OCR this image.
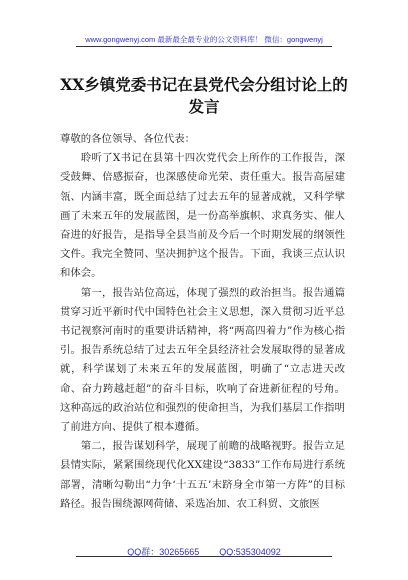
www.gongwenyj.com 最新最全最专业的公文资料库！ 微信：gongwenyj
XX乡镇党委书记在县党代会分组讨论上的发言

尊敬的各位领导、各位代表：

聆听了X书记在县第十四次党代会上所作的工作报告，深受鼓舞、倍感振奋，也深感使命光荣、责任重大。报告高屋建瓴、内涵丰富，既全面总结了过去五年的显著成就，又科学擘画了未来五年的发展蓝图，是一份高举旗帜、求真务实、催人奋进的好报告，是指导全县当前及今后一个时期发展的纲领性文件。我完全赞同、坚决拥护这个报告。下面，我谈三点认识和体会。

第一，报告站位高远，体现了强烈的政治担当。报告通篇贯穿习近平新时代中国特色社会主义思想，深入贯彻习近平总书记视察河南时的重要讲话精神，将“两高四着力”作为核心指引。报告系统总结了过去五年全县经济社会发展取得的显著成就，科学谋划了未来五年的发展蓝图，明确了“立志进天改命、奋力跨越赶超”的奋斗目标，吹响了奋进新征程的号角。这种高远的政治站位和强烈的使命担当，为我们基层工作指明了前进方向、提供了根本遵循。

第二，报告谋划科学，展现了前瞻的战略视野。报告立足县情实际，紧紧围绕现代化XX建设“3833”工作布局进行系统部署，清晰勾勒出“力争‘十五五’末跻身全市第一方阵”的目标路径。报告围绕源网荷储、采选冶加、农工科贸、文旅医

QQ群：30265665        QQ:535304092
